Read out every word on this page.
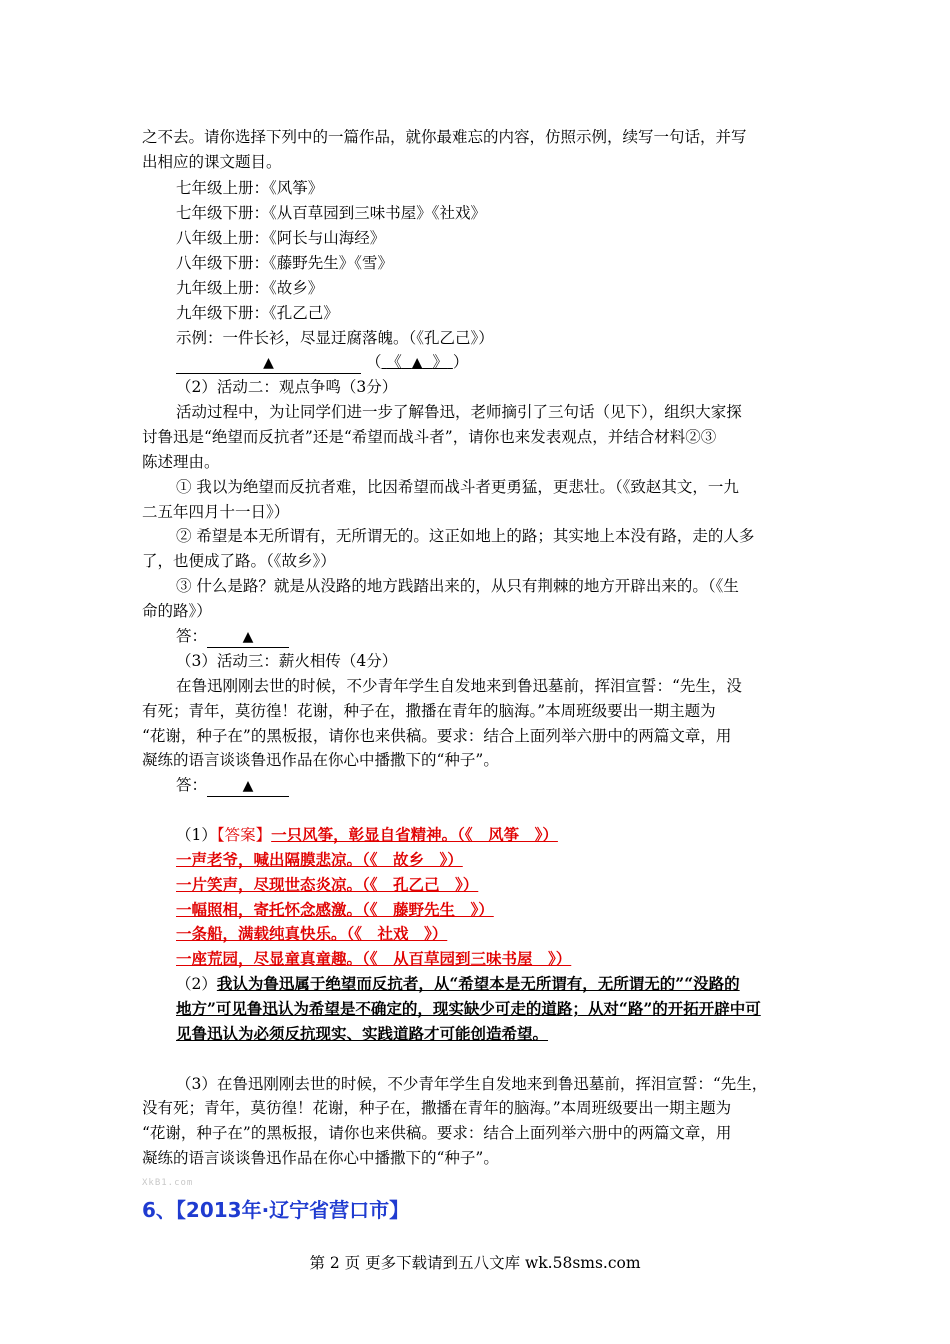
之不去。请你选择下列中的一篇作品，就你最难忘的内容，仿照示例，续写一句话，并写
出相应的课文题目。
七年级上册：《风筝》
七年级下册：《从百草园到三味书屋》《社戏》
八年级上册：《阿长与山海经》
八年级下册：《藤野先生》《雪》
九年级上册：《故乡》
九年级下册：《孔乙己》
示例：一件长衫，尽显迂腐落魄。（《孔乙己》）
▲	（ 《 ▲ 》 ）
（2）活动二：观点争鸣（3分）
活动过程中，为让同学们进一步了解鲁迅，老师摘引了三句话（见下），组织大家探
讨鲁迅是“绝望而反抗者”还是“希望而战斗者”，请你也来发表观点，并结合材料②③
陈述理由。
① 我以为绝望而反抗者难，比因希望而战斗者更勇猛，更悲壮。（《致赵其文，一九
二五年四月十一日》）
② 希望是本无所谓有，无所谓无的。这正如地上的路；其实地上本没有路，走的人多
了，也便成了路。（《故乡》）
③ 什么是路？就是从没路的地方践踏出来的，从只有荆棘的地方开辟出来的。（《生
命的路》）
答：	▲
（3）活动三：薪火相传（4分）
在鲁迅刚刚去世的时候，不少青年学生自发地来到鲁迅墓前，挥泪宣誓：“先生，没
有死；青年，莫彷徨！花谢，种子在，撒播在青年的脑海。”本周班级要出一期主题为
“花谢，种子在”的黑板报，请你也来供稿。要求：结合上面列举六册中的两篇文章，用
凝练的语言谈谈鲁迅作品在你心中播撒下的“种子”。
答：	▲
（1）【答案】一只风筝，彰显自省精神。（《　风筝　》）
一声老爷，喊出隔膜悲凉。（《　故乡　》）
一片笑声，尽现世态炎凉。（《　孔乙己　》）
一幅照相，寄托怀念感激。（《　藤野先生　》）
一条船，满载纯真快乐。（《　社戏　》）
一座荒园，尽显童真童趣。（《　从百草园到三味书屋　》）
（2）我认为鲁迅属于绝望而反抗者，从“希望本是无所谓有，无所谓无的”“没路的
地方”可见鲁迅认为希望是不确定的，现实缺少可走的道路；从对“路”的开拓开辟中可
见鲁迅认为必须反抗现实、实践道路才可能创造希望。
（3）在鲁迅刚刚去世的时候，不少青年学生自发地来到鲁迅墓前，挥泪宣誓：“先生，
没有死；青年，莫彷徨！花谢，种子在，撒播在青年的脑海。”本周班级要出一期主题为
“花谢，种子在”的黑板报，请你也来供稿。要求：结合上面列举六册中的两篇文章，用
凝练的语言谈谈鲁迅作品在你心中播撒下的“种子”。
XkB1.com
6、【2013年·辽宁省营口市】
第 2 页 更多下载请到五八文库 wk.58sms.com
